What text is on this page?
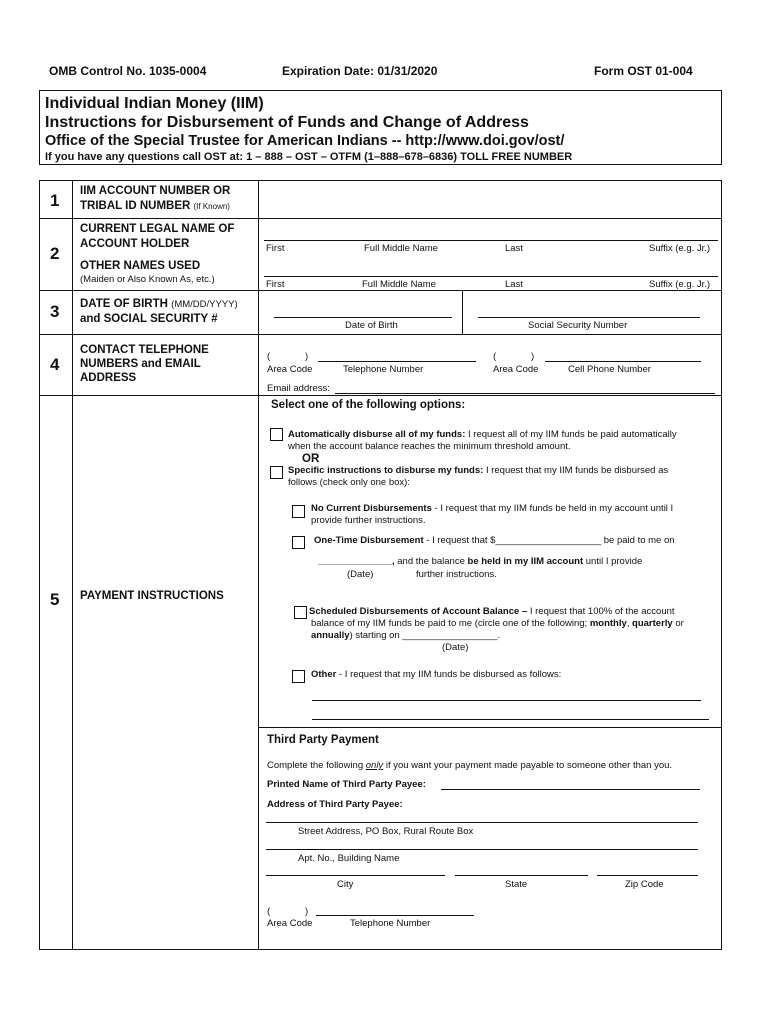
OMB Control No. 1035-0004	Expiration Date: 01/31/2020	Form OST 01-004
Individual Indian Money (IIM)
Instructions for Disbursement of Funds and Change of Address
Office of the Special Trustee for American Indians -- http://www.doi.gov/ost/
If you have any questions call OST at: 1 – 888 – OST – OTFM (1–888–678–6836) TOLL FREE NUMBER
1 IIM ACCOUNT NUMBER OR
TRIBAL ID NUMBER (If Known)
2
CURRENT LEGAL NAME OF
ACCOUNT HOLDER
OTHER NAMES USED
(Maiden or Also Known As, etc.)
First	Full Middle Name	Last	Suffix (e.g. Jr.)
First	Full Middle Name	Last	Suffix (e.g. Jr.)
3 DATE OF BIRTH (MM/DD/YYYY)
and SOCIAL SECURITY #
Date of Birth	Social Security Number
4
CONTACT TELEPHONE
NUMBERS and EMAIL
ADDRESS
(	)
Area Code	Telephone Number
(	)
Area Code	Cell Phone Number
Email address:
5 PAYMENT INSTRUCTIONS
Select one of the following options:
Automatically disburse all of my funds: I request all of my IIM funds be paid automatically
when the account balance reaches the minimum threshold amount.
OR
Specific instructions to disburse my funds: I request that my IIM funds be disbursed as
follows (check only one box):
No Current Disbursements - I request that my IIM funds be held in my account until I
provide further instructions.
One-Time Disbursement - I request that $____________________ be paid to me on
______________, and the balance be held in my IIM account until I provide
(Date)	further instructions.
Scheduled Disbursements of Account Balance – I request that 100% of the account
balance of my IIM funds be paid to me (circle one of the following; monthly, quarterly or
annually) starting on __________________.
(Date)
Other - I request that my IIM funds be disbursed as follows:
Third Party Payment
Complete the following only if you want your payment made payable to someone other than you.
Printed Name of Third Party Payee:
Address of Third Party Payee:
Street Address, PO Box, Rural Route Box
Apt. No., Building Name
City	State	Zip Code
(	)
Area Code	Telephone Number
